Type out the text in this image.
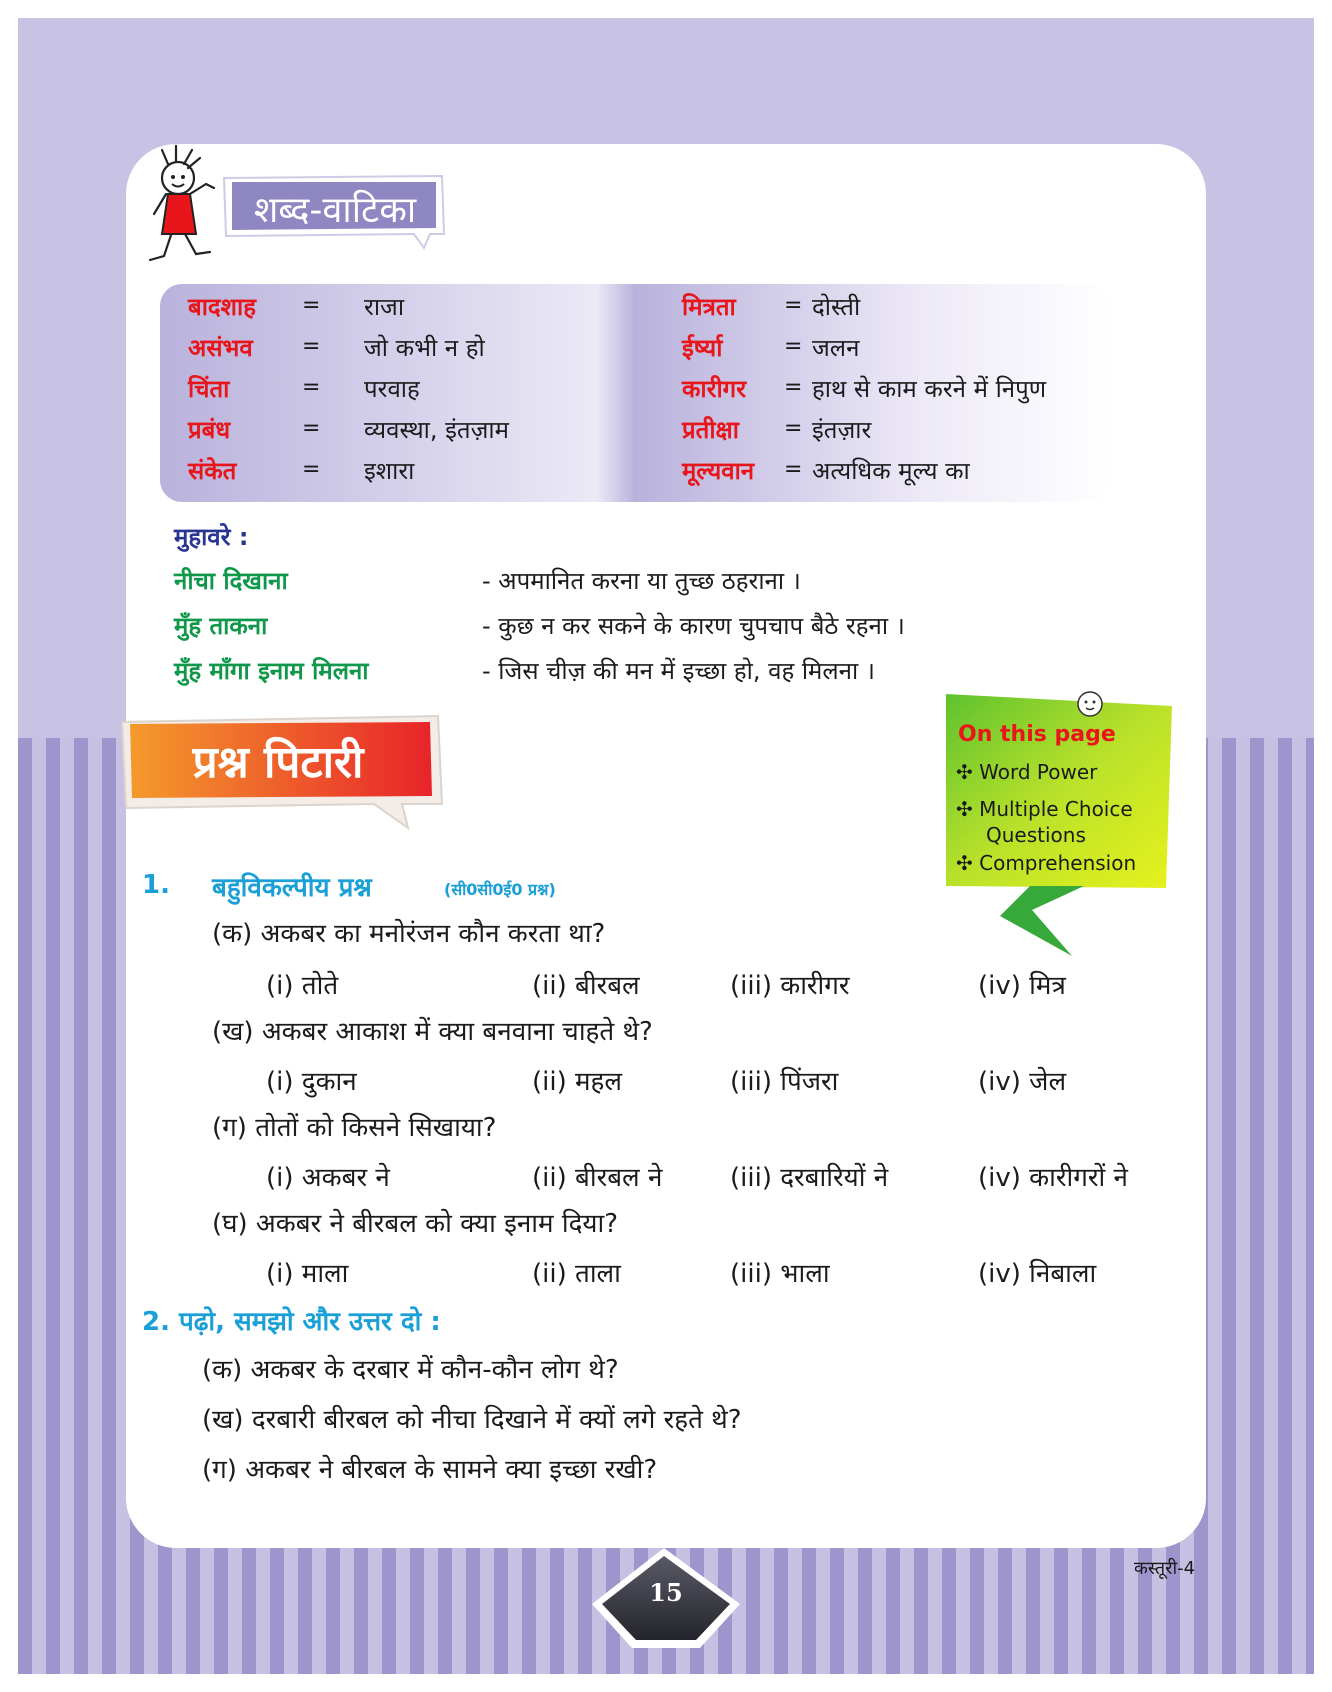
शब्द-वाटिका
बादशाह = राजा
असंभव = जो कभी न हो
चिंता	= परवाह
प्रबंध	= व्यवस्था, इंतज़ाम
संकेत	= इशारा
मित्रता = दोस्ती
ईर्ष्या	= जलन
कारीगर = हाथ से काम करने में निपुण
प्रतीक्षा = इंतज़ार
मूल्यवान = अत्यधिक मूल्य का
मुहावरे :
नीचा दिखाना	- अपमानित करना या तुच्छ ठहराना ।
मुँह ताकना	- कुछ न कर सकने के कारण चुपचाप बैठे रहना ।
मुँह माँगा इनाम मिलना	- जिस चीज़ की मन में इच्छा हो, वह मिलना ।
प्रश्न पिटारी
On this page
✣ Word Power
✣ Multiple Choice
Questions
✣ Comprehension
1. बहुविकल्पीय प्रश्न	(सी0सी0ई0 प्रश्न)
(क) अकबर का मनोरंजन कौन करता था?
(i) तोते	(ii) बीरबल	(iii) कारीगर	(iv) मित्र
(ख) अकबर आकाश में क्या बनवाना चाहते थे?
(i) दुकान	(ii) महल	(iii) पिंजरा	(iv) जेल
(ग) तोतों को किसने सिखाया?
(i) अकबर ने	(ii) बीरबल ने	(iii) दरबारियों ने	(iv) कारीगरों ने
(घ) अकबर ने बीरबल को क्या इनाम दिया?
(i) माला	(ii) ताला	(iii) भाला	(iv) निबाला
2. पढ़ो, समझो और उत्तर दो :
(क) अकबर के दरबार में कौन-कौन लोग थे?
(ख) दरबारी बीरबल को नीचा दिखाने में क्यों लगे रहते थे?
(ग) अकबर ने बीरबल के सामने क्या इच्छा रखी?
15
कस्तूरी-4
